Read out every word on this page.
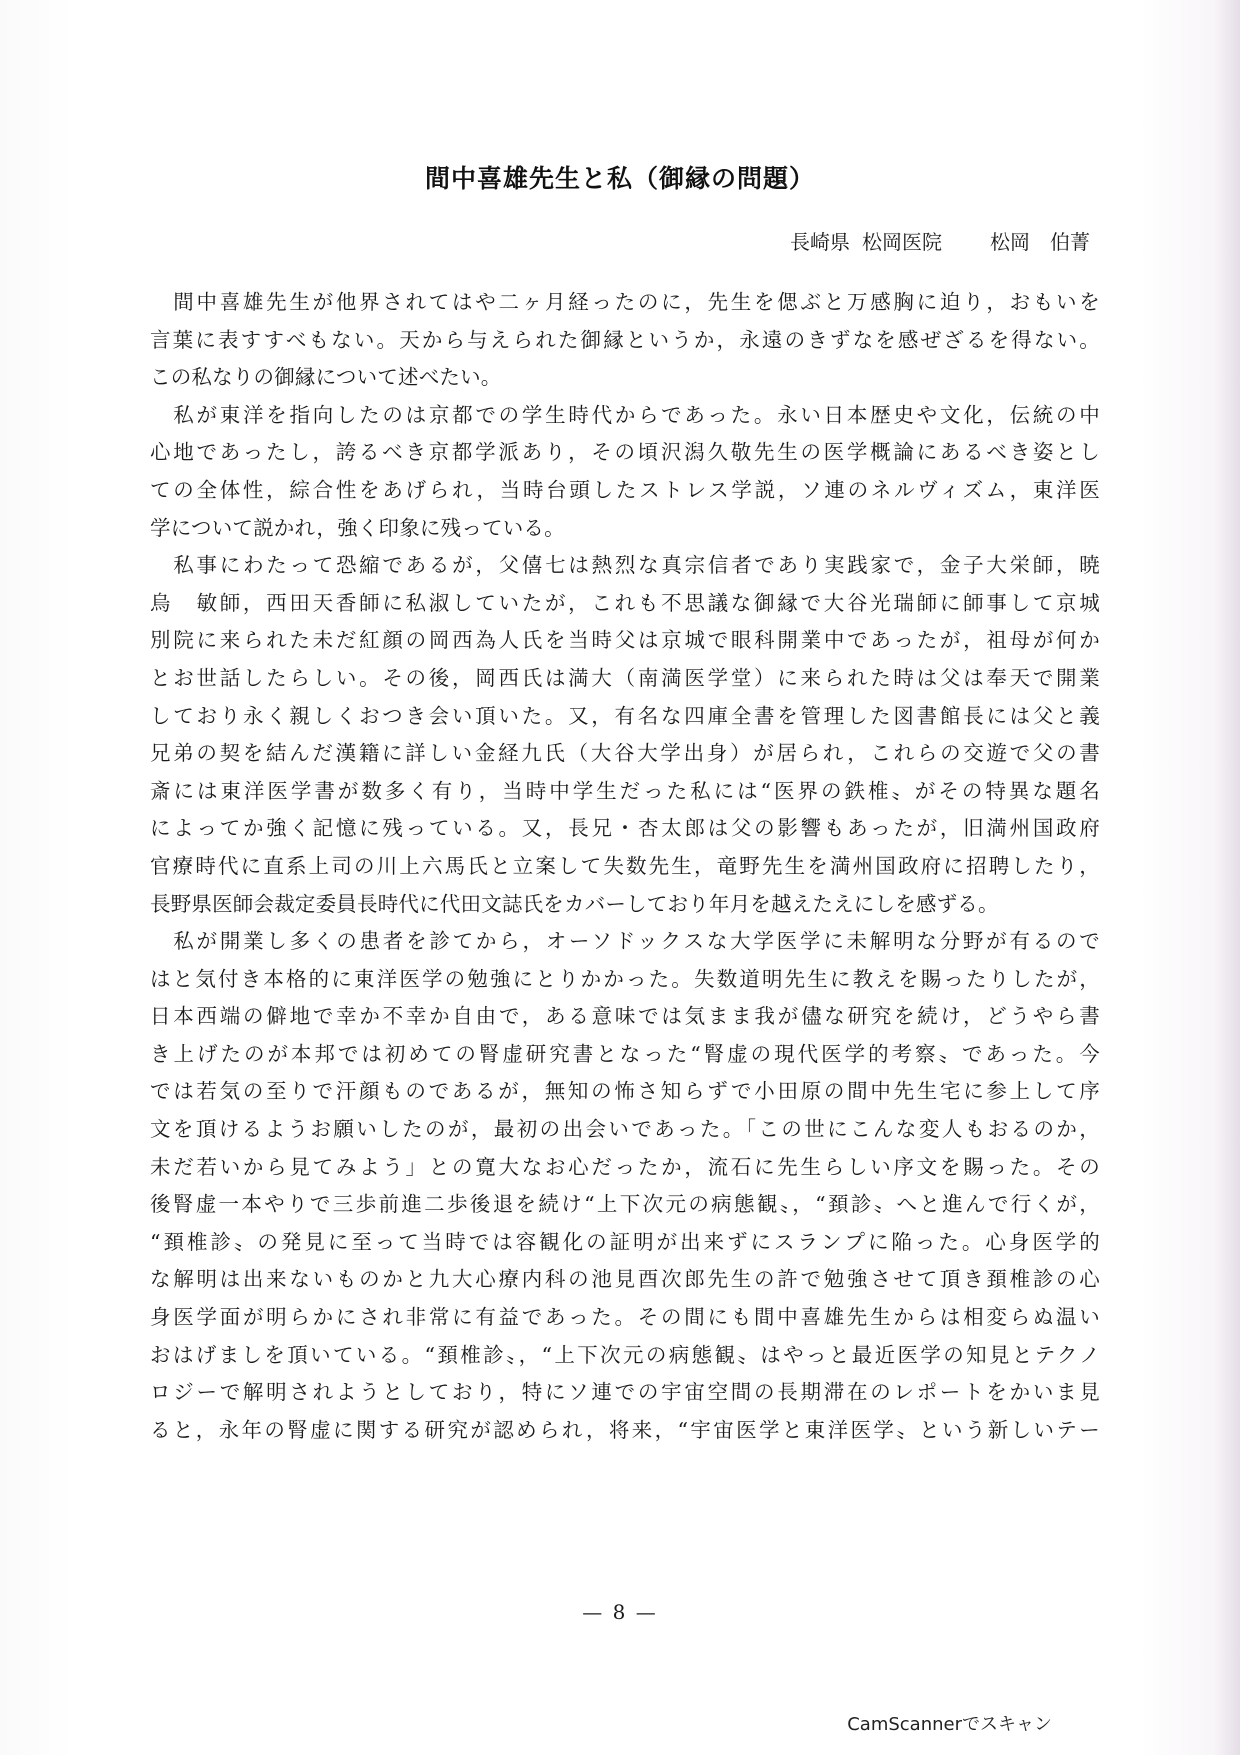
間中喜雄先生と私（御縁の問題）
長崎県 松岡医院 松岡　伯菁
　間中喜雄先生が他界されてはや二ヶ月経ったのに，先生を偲ぶと万感胸に迫り，おもいを
言葉に表すすべもない。天から与えられた御縁というか，永遠のきずなを感ぜざるを得ない。
この私なりの御縁について述べたい。
　私が東洋を指向したのは京都での学生時代からであった。永い日本歴史や文化，伝統の中
心地であったし，誇るべき京都学派あり，その頃沢潟久敬先生の医学概論にあるべき姿とし
ての全体性，綜合性をあげられ，当時台頭したストレス学説，ソ連のネルヴィズム，東洋医
学について説かれ，強く印象に残っている。
　私事にわたって恐縮であるが，父僖七は熱烈な真宗信者であり実践家で，金子大栄師，暁
烏　敏師，西田天香師に私淑していたが，これも不思議な御縁で大谷光瑞師に師事して京城
別院に来られた未だ紅顔の岡西為人氏を当時父は京城で眼科開業中であったが，祖母が何か
とお世話したらしい。その後，岡西氏は満大（南満医学堂）に来られた時は父は奉天で開業
しており永く親しくおつき会い頂いた。又，有名な四庫全書を管理した図書館長には父と義
兄弟の契を結んだ漢籍に詳しい金経九氏（大谷大学出身）が居られ，これらの交遊で父の書
斎には東洋医学書が数多く有り，当時中学生だった私には“医界の鉄椎〟がその特異な題名
によってか強く記憶に残っている。又，長兄・杏太郎は父の影響もあったが，旧満州国政府
官療時代に直系上司の川上六馬氏と立案して失数先生，竜野先生を満州国政府に招聘したり，
長野県医師会裁定委員長時代に代田文誌氏をカバーしており年月を越えたえにしを感ずる。
　私が開業し多くの患者を診てから，オーソドックスな大学医学に未解明な分野が有るので
はと気付き本格的に東洋医学の勉強にとりかかった。失数道明先生に教えを賜ったりしたが，
日本西端の僻地で幸か不幸か自由で，ある意味では気まま我が儘な研究を続け，どうやら書
き上げたのが本邦では初めての腎虚研究書となった“腎虚の現代医学的考察〟であった。今
では若気の至りで汗顔ものであるが，無知の怖さ知らずで小田原の間中先生宅に参上して序
文を頂けるようお願いしたのが，最初の出会いであった。「この世にこんな変人もおるのか，
未だ若いから見てみよう」との寛大なお心だったか，流石に先生らしい序文を賜った。その
後腎虚一本やりで三歩前進二歩後退を続け“上下次元の病態観〟，“頚診〟へと進んで行くが，
“頚椎診〟の発見に至って当時では容観化の証明が出来ずにスランプに陥った。心身医学的
な解明は出来ないものかと九大心療内科の池見酉次郎先生の許で勉強させて頂き頚椎診の心
身医学面が明らかにされ非常に有益であった。その間にも間中喜雄先生からは相変らぬ温い
おはげましを頂いている。“頚椎診〟，“上下次元の病態観〟はやっと最近医学の知見とテクノ
ロジーで解明されようとしており，特にソ連での宇宙空間の長期滞在のレポートをかいま見
ると，永年の腎虚に関する研究が認められ，将来，“宇宙医学と東洋医学〟という新しいテー
— 8 —
CamScannerでスキャン
